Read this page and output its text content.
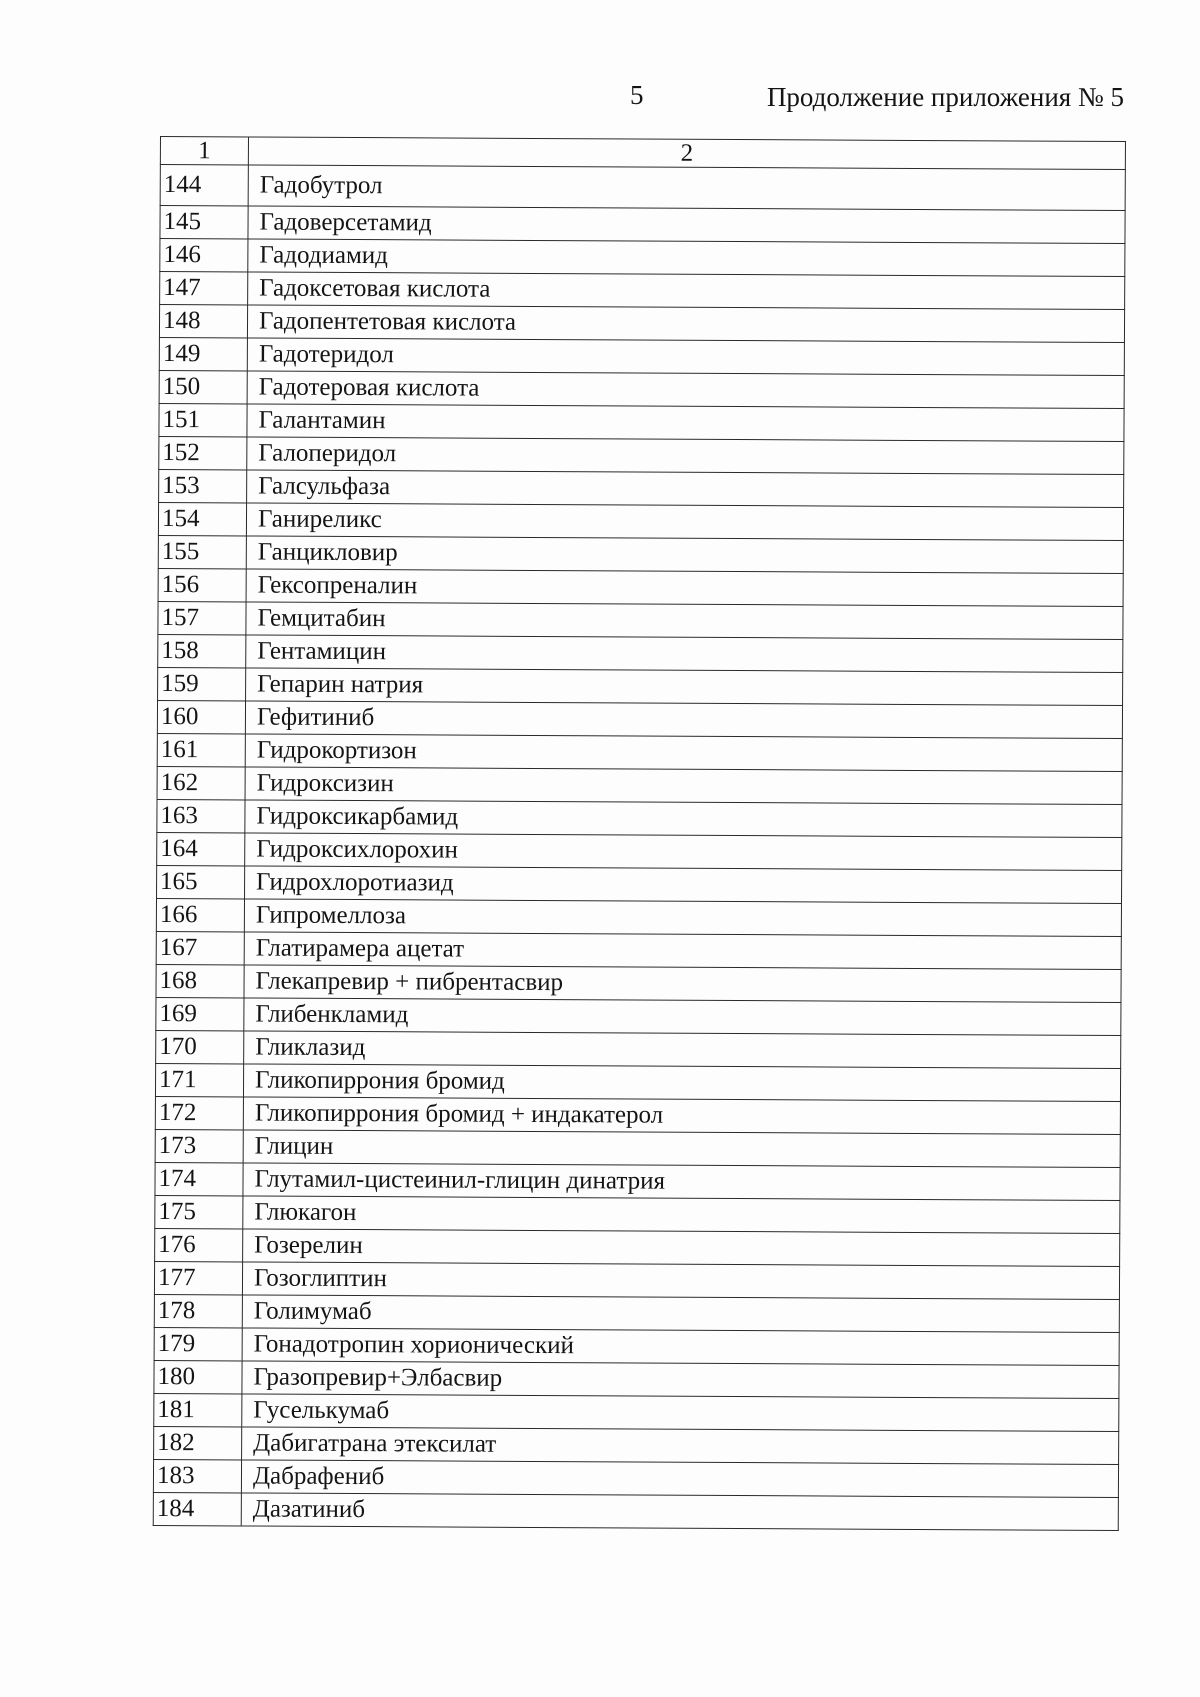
5	Продолжение приложения № 5
1	2
144	Гадобутрол
145	Гадоверсетамид
146	Гадодиамид
147	Гадоксетовая кислота
148	Гадопентетовая кислота
149	Гадотеридол
150	Гадотеровая кислота
151	Галантамин
152	Галоперидол
153	Галсульфаза
154	Ганиреликс
155	Ганцикловир
156	Гексопреналин
157	Гемцитабин
158	Гентамицин
159	Гепарин натрия
160	Гефитиниб
161	Гидрокортизон
162	Гидроксизин
163	Гидроксикарбамид
164	Гидроксихлорохин
165	Гидрохлоротиазид
166	Гипромеллоза
167	Глатирамера ацетат
168	Глекапревир + пибрентасвир
169	Глибенкламид
170	Гликлазид
171	Гликопиррония бромид
172	Гликопиррония бромид + индакатерол
173	Глицин
174	Глутамил-цистеинил-глицин динатрия
175	Глюкагон
176	Гозерелин
177	Гозоглиптин
178	Голимумаб
179	Гонадотропин хорионический
180	Гразопревир+Элбасвир
181	Гуселькумаб
182	Дабигатрана этексилат
183	Дабрафениб
184	Дазатиниб
